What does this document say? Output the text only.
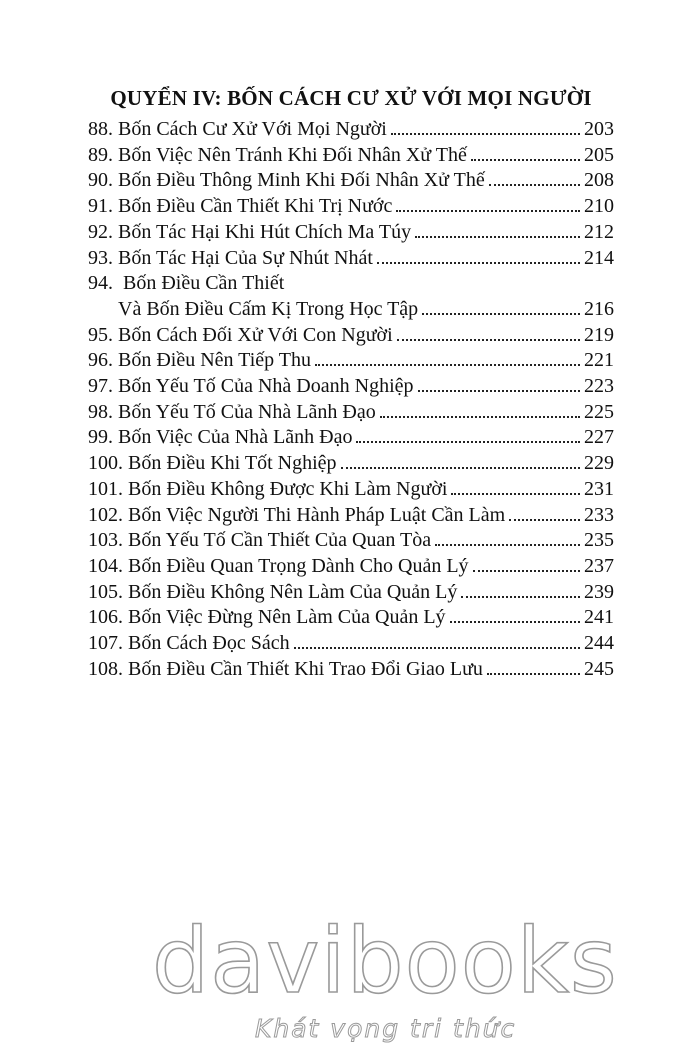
QUYỂN IV: BỐN CÁCH CƯ XỬ VỚI MỌI NGƯỜI
88. Bốn Cách Cư Xử Với Mọi Người	203
89. Bốn Việc Nên Tránh Khi Đối Nhân Xử Thế	205
90. Bốn Điều Thông Minh Khi Đối Nhân Xử Thế	208
91. Bốn Điều Cần Thiết Khi Trị Nước	210
92. Bốn Tác Hại Khi Hút Chích Ma Túy	212
93. Bốn Tác Hại Của Sự Nhút Nhát	214
94. Bốn Điều Cần Thiết
Và Bốn Điều Cấm Kị Trong Học Tập	216
95. Bốn Cách Đối Xử Với Con Người	219
96. Bốn Điều Nên Tiếp Thu	221
97. Bốn Yếu Tố Của Nhà Doanh Nghiệp	223
98. Bốn Yếu Tố Của Nhà Lãnh Đạo	225
99. Bốn Việc Của Nhà Lãnh Đạo	227
100. Bốn Điều Khi Tốt Nghiệp	229
101. Bốn Điều Không Được Khi Làm Người	231
102. Bốn Việc Người Thi Hành Pháp Luật Cần Làm	233
103. Bốn Yếu Tố Cần Thiết Của Quan Tòa	235
104. Bốn Điều Quan Trọng Dành Cho Quản Lý	237
105. Bốn Điều Không Nên Làm Của Quản Lý	239
106. Bốn Việc Đừng Nên Làm Của Quản Lý	241
107. Bốn Cách Đọc Sách	244
108. Bốn Điều Cần Thiết Khi Trao Đổi Giao Lưu	245
davibooks
Khát vọng tri thức
